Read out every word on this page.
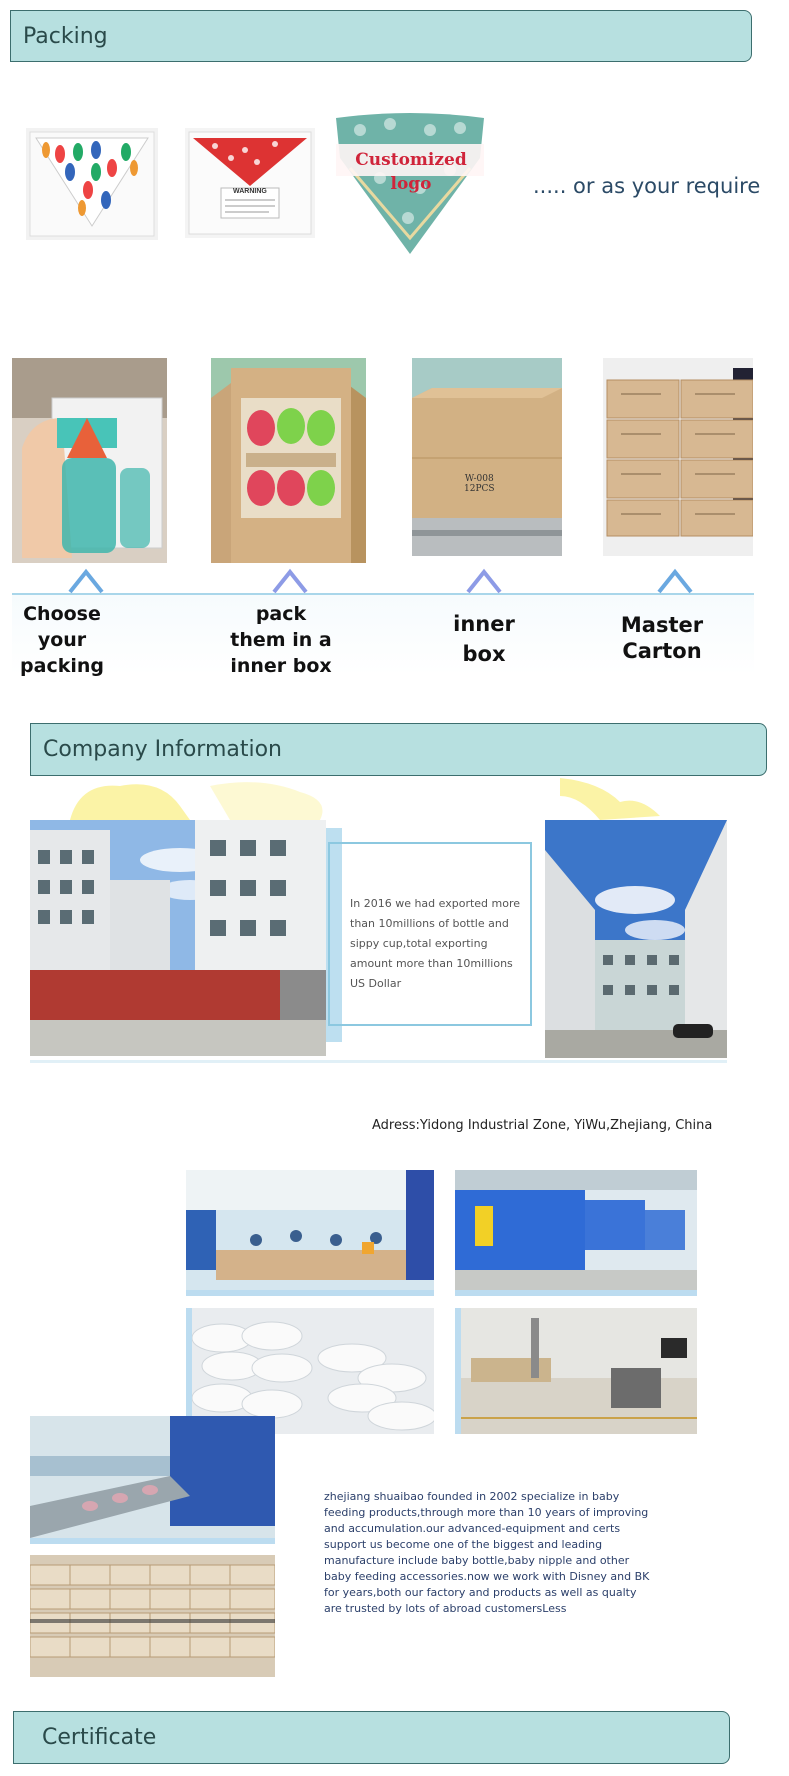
Packing
WARNING
Customized logo	..... or as your require
W-008
12PCS
Choose your packing
pack them in a inner box
inner box
Master Carton
Company Information
In 2016 we had exported more than 10millions of bottle and sippy cup,total exporting amount more than 10millions US Dollar
Adress:Yidong Industrial Zone, YiWu,Zhejiang, China
zhejiang shuaibao founded in 2002 specialize in baby feeding products,through more than 10 years of improving and accumulation.our advanced-equipment and certs support us become one of the biggest and leading manufacture include baby bottle,baby nipple and other baby feeding accessories.now we work with Disney and BK for years,both our factory and products as well as qualty are trusted by lots of abroad customersLess
Certificate
